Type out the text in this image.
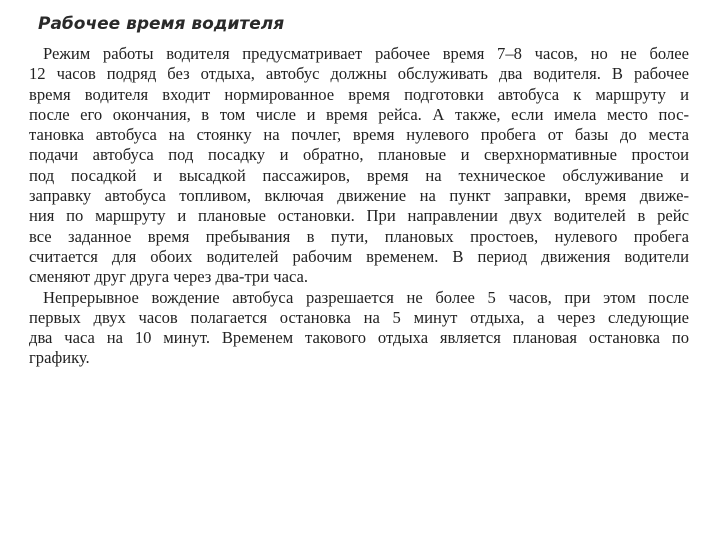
Рабочее время водителя
Режим работы водителя предусматривает рабочее время 7–8 часов, но не более
12 часов подряд без отдыха, автобус должны обслуживать два водителя. В рабочее
время водителя входит нормированное время подготовки автобуса к маршруту и
после его окончания, в том числе и время рейса. А также, если имела место пос-
тановка автобуса на стоянку на почлег, время нулевого пробега от базы до места
подачи автобуса под посадку и обратно, плановые и сверхнормативные простои
под посадкой и высадкой пассажиров, время на техническое обслуживание и
заправку автобуса топливом, включая движение на пункт заправки, время движе-
ния по маршруту и плановые остановки. При направлении двух водителей в рейс
все заданное время пребывания в пути, плановых простоев, нулевого пробега
считается для обоих водителей рабочим временем. В период движения водители
сменяют друг друга через два-три часа.
Непрерывное вождение автобуса разрешается не более 5 часов, при этом после
первых двух часов полагается остановка на 5 минут отдыха, а через следующие
два часа на 10 минут. Временем такового отдыха является плановая остановка по
графику.
